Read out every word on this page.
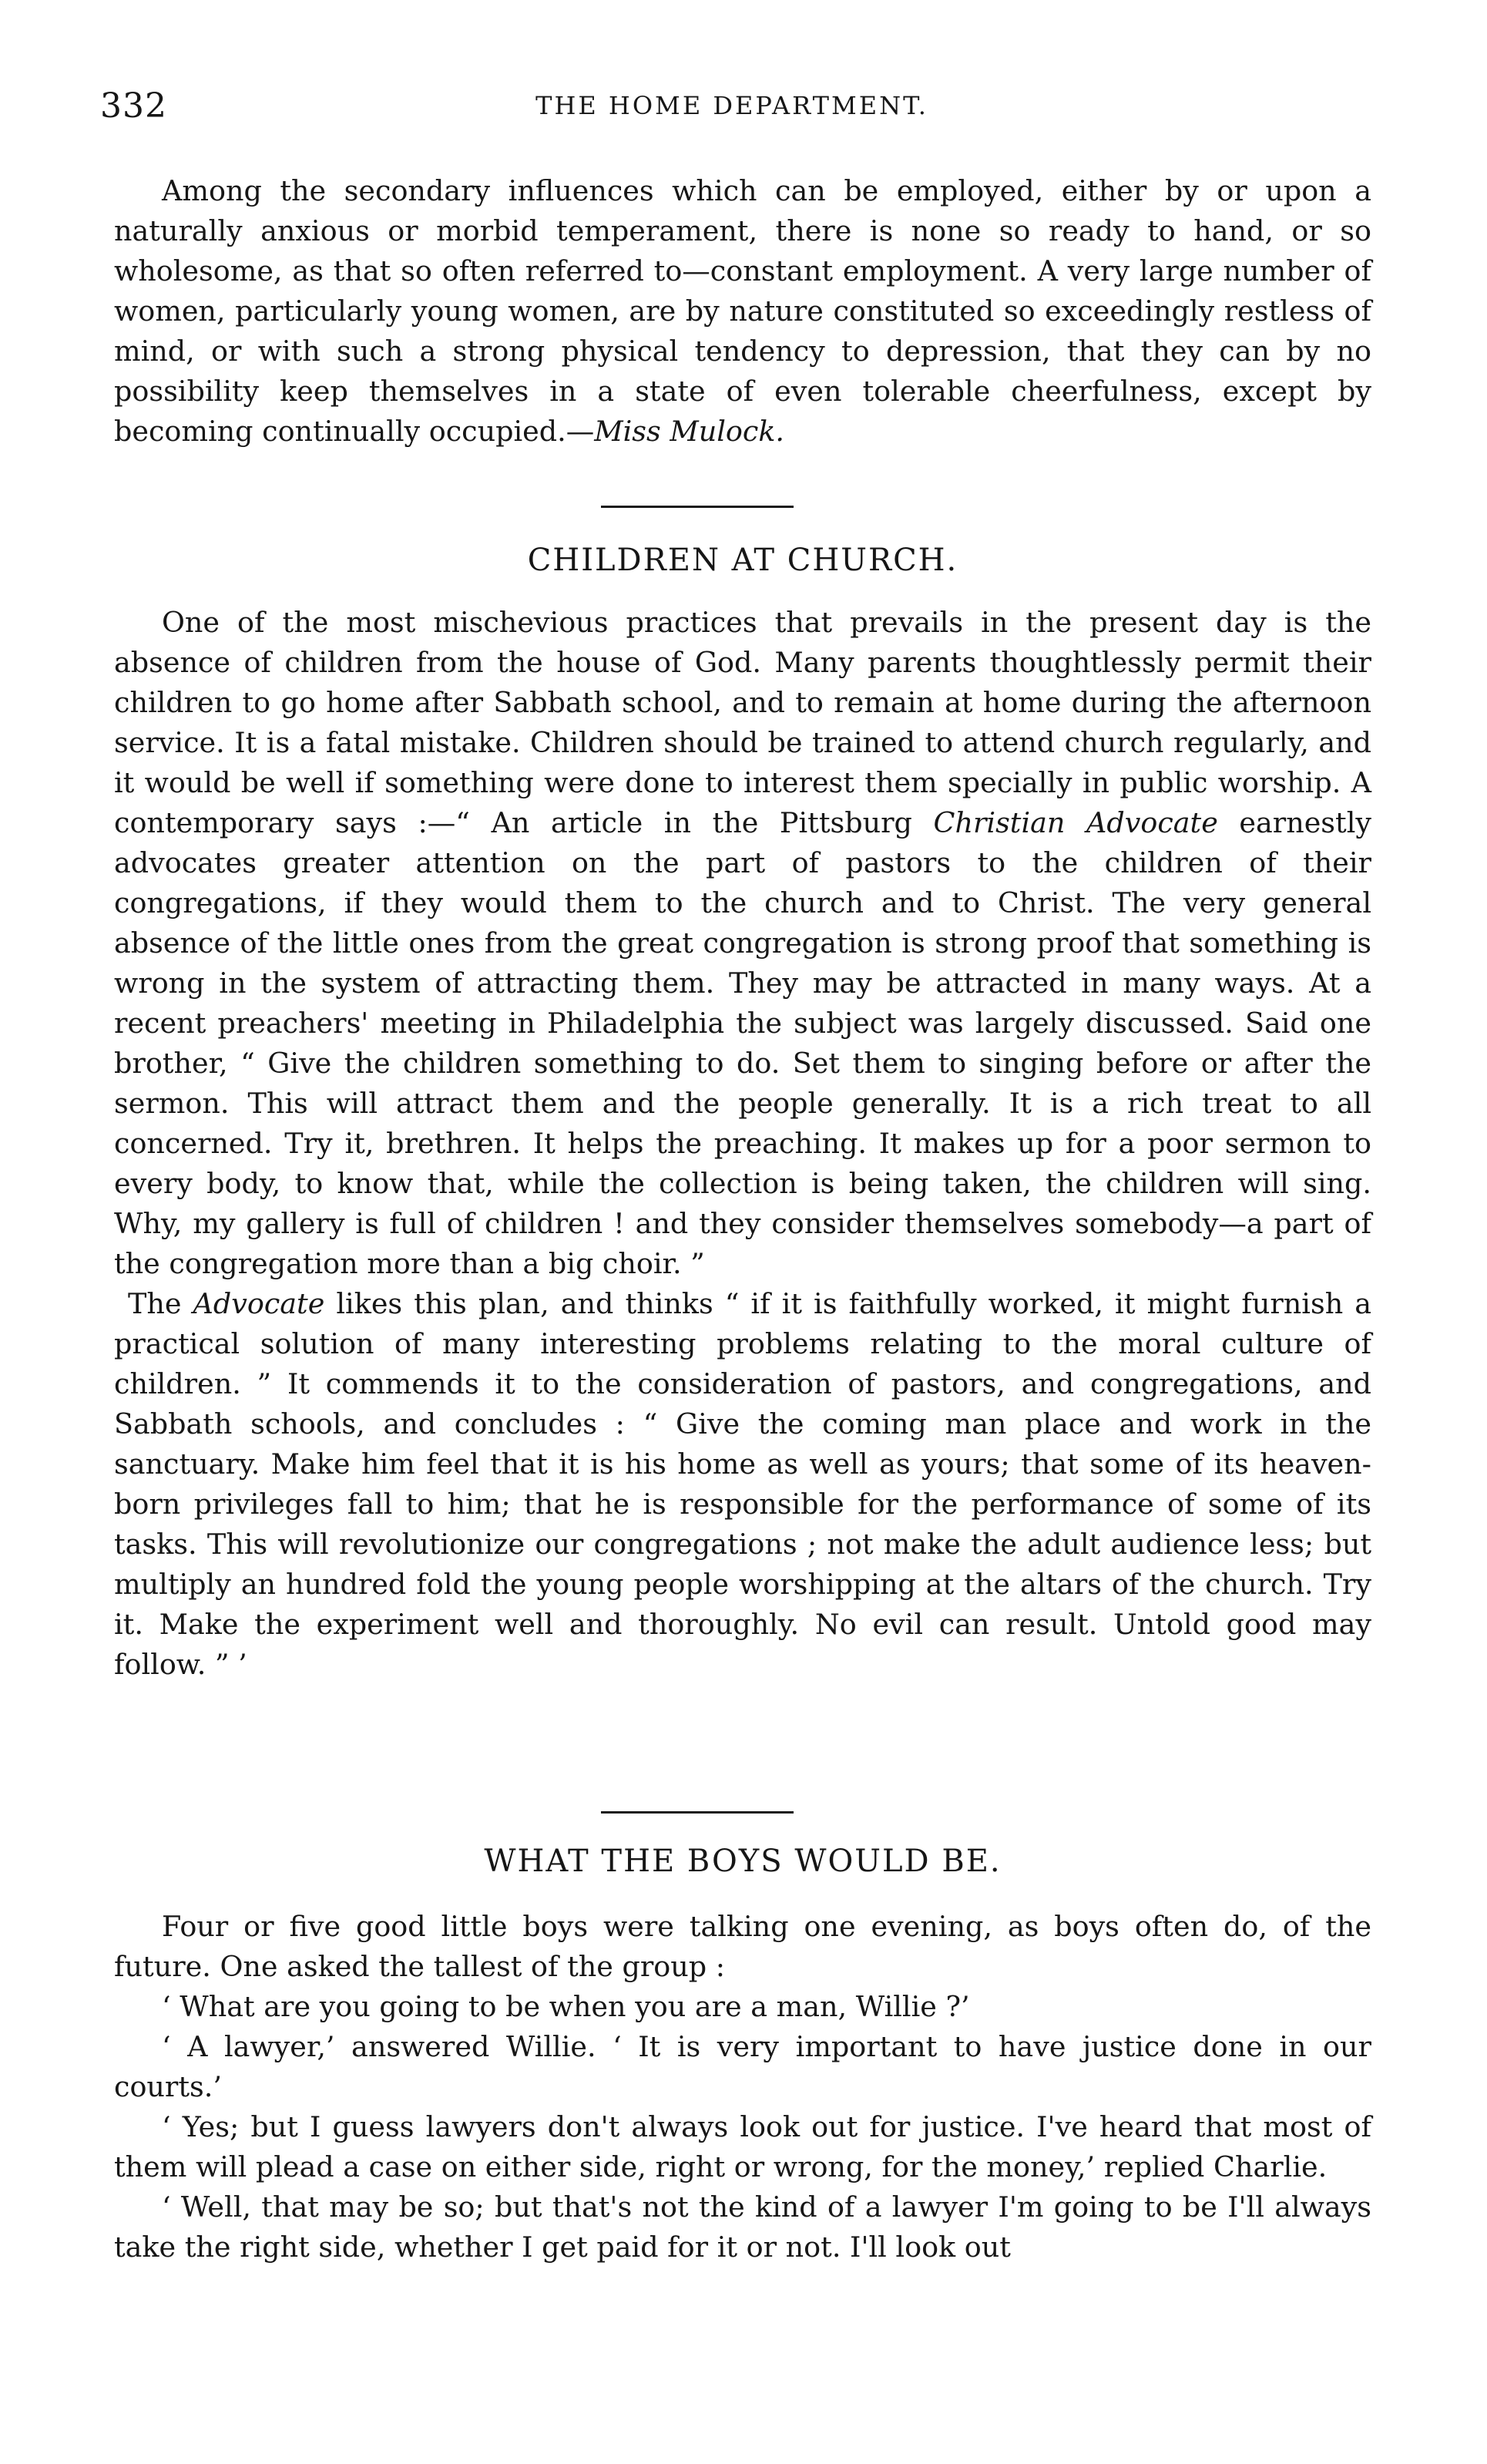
332	THE HOME DEPARTMENT.

Among the secondary influences which can be employed, either by or upon a naturally anxious or morbid temperament, there is none so ready to hand, or so wholesome, as that so often referred to—constant employment. A very large number of women, particularly young women, are by nature constituted so exceedingly restless of mind, or with such a strong physical tendency to depression, that they can by no possibility keep themselves in a state of even tolerable cheerfulness, except by becoming continually occupied.—Miss Mulock.

CHILDREN AT CHURCH.

One of the most mischevious practices that prevails in the present day is the absence of children from the house of God. Many parents thoughtlessly permit their children to go home after Sabbath school, and to remain at home during the afternoon service. It is a fatal mistake. Children should be trained to attend church regularly, and it would be well if something were done to interest them specially in public worship. A contemporary says :—“ An article in the Pittsburg Christian Advocate earnestly advocates greater attention on the part of pastors to the children of their congregations, if they would them to the church and to Christ. The very general absence of the little ones from the great congregation is strong proof that something is wrong in the system of attracting them. They may be attracted in many ways. At a recent preachers' meeting in Philadelphia the subject was largely discussed. Said one brother, “ Give the children something to do. Set them to singing before or after the sermon. This will attract them and the people generally. It is a rich treat to all concerned. Try it, brethren. It helps the preaching. It makes up for a poor sermon to every body, to know that, while the collection is being taken, the children will sing. Why, my gallery is full of children ! and they consider themselves somebody—a part of the congregation more than a big choir. ”

The Advocate likes this plan, and thinks “ if it is faithfully worked, it might furnish a practical solution of many interesting problems relating to the moral culture of children. ” It commends it to the consideration of pastors, and congregations, and Sabbath schools, and concludes : “ Give the coming man place and work in the sanctuary. Make him feel that it is his home as well as yours; that some of its heaven-born privileges fall to him; that he is responsible for the performance of some of its tasks. This will revolutionize our congregations ; not make the adult audience less; but multiply an hundred fold the young people worshipping at the altars of the church. Try it. Make the experiment well and thoroughly. No evil can result. Untold good may follow. ” ’

WHAT THE BOYS WOULD BE.

Four or five good little boys were talking one evening, as boys often do, of the future. One asked the tallest of the group :

‘ What are you going to be when you are a man, Willie ?’

‘ A lawyer,’ answered Willie. ‘ It is very important to have justice done in our courts.’

‘ Yes; but I guess lawyers don't always look out for justice. I've heard that most of them will plead a case on either side, right or wrong, for the money,’ replied Charlie.

‘ Well, that may be so; but that's not the kind of a lawyer I'm going to be I'll always take the right side, whether I get paid for it or not. I'll look out
